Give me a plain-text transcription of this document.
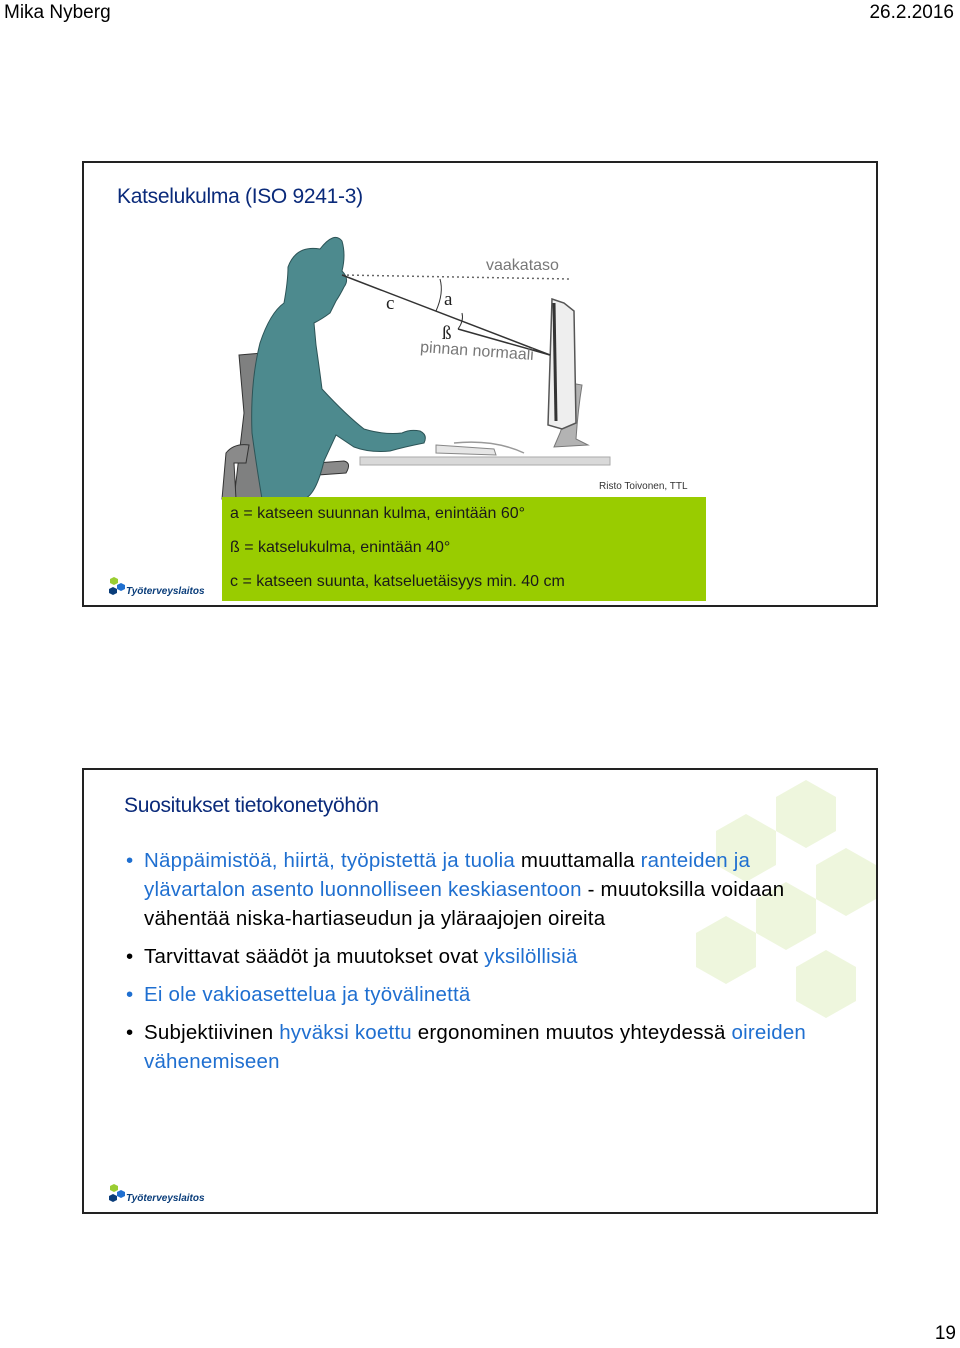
Mika Nyberg	26.2.2016
Katselukulma (ISO 9241-3)
vaakataso
c	a
ß
pinnan normaali
Risto Toivonen, TTL
a = katseen suunnan kulma, enintään 60°
ß = katselukulma, enintään 40°
c = katseen suunta, katseluetäisyys min. 40 cm
Työterveyslaitos
Suositukset tietokonetyöhön
• Näppäimistöä, hiirtä, työpistettä ja tuolia muuttamalla ranteiden ja ylävartalon asento luonnolliseen keskiasentoon - muutoksilla voidaan vähentää niska-hartiaseudun ja yläraajojen oireita
• Tarvittavat säädöt ja muutokset ovat yksilöllisiä
• Ei ole vakioasettelua ja työvälinettä
• Subjektiivinen hyväksi koettu ergonominen muutos yhteydessä oireiden vähenemiseen
Työterveyslaitos
19
